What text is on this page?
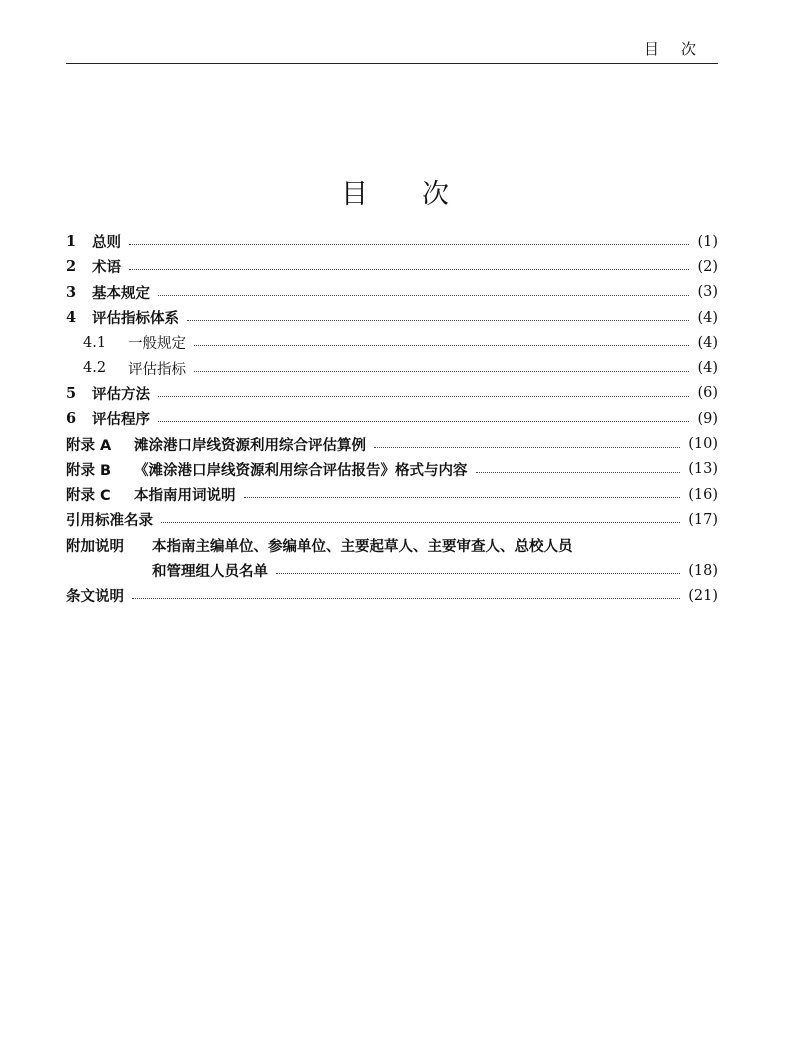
目次
目次
1	总则	(1)
2	术语	(2)
3	基本规定	(3)
4	评估指标体系	(4)
4.1	一般规定	(4)
4.2	评估指标	(4)
5	评估方法	(6)
6	评估程序	(9)
附录 A	滩涂港口岸线资源利用综合评估算例	(10)
附录 B	《滩涂港口岸线资源利用综合评估报告》格式与内容	(13)
附录 C	本指南用词说明	(16)
引用标准名录	(17)
附加说明	本指南主编单位、参编单位、主要起草人、主要审查人、总校人员
和管理组人员名单	(18)
条文说明	(21)
